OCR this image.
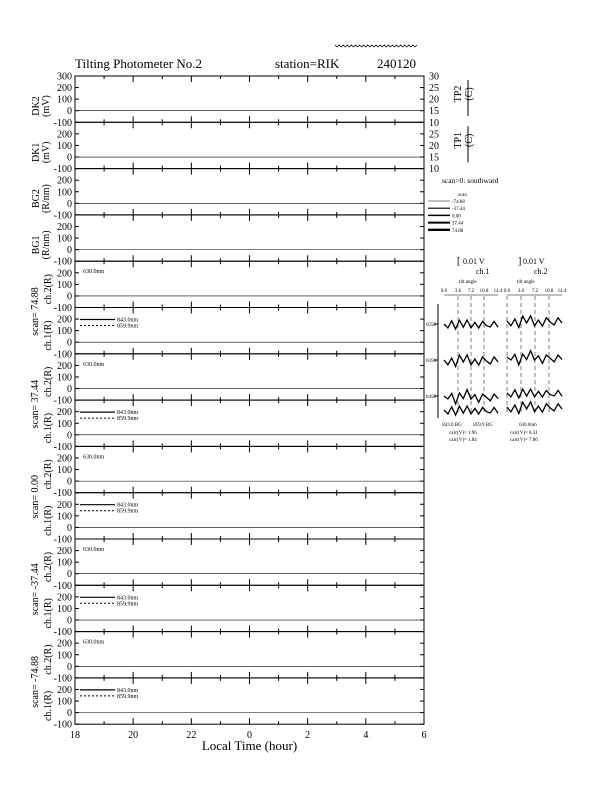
300
200
100
0
-100
DK2 (mV)
30
25
20
15
10
TP2 (C)
200
100
0
-100
DK1 (mV)
25
20
15
10
TP1 (C)
200
100
0
-100
BG2 (R/nm)
200
100
0
-100
BG1 (R/nm)
200
100
0
-100
ch.2(R)
scan= 74.88
630.0nm
200
100
0
-100
ch.1(R)	843.0nm
859.9nm
200
100
0
-100
ch.2(R)
scan= 37.44
630.0nm
200
100
0
-100
ch.1(R)	843.0nm
859.9nm
200
100
0
-100
ch.2(R)
scan= 0.00
630.0nm
200
100
0
-100
ch.1(R)	843.0nm
859.9nm
200
100
0
-100
ch.2(R)
scan= -37.44
630.0nm
200
100
0
-100
ch.1(R)	843.0nm
859.9nm
200
100
0
-100
ch.2(R)
scan= -74.88
630.0nm
200
100
0
-100
ch.1(R)	843.0nm
859.9nm
18	20	22	0	2	4	6
Local Time (hour)
scan>0: southward
scan
-74.88
-37.44
0.00
37.44
74.88
[ 0.01 V	] 0.01 V
ch.1	ch.2
tilt angle	tilt angle
0.0	0.0
3.6	3.6
7.2	7.2
10.8	10.8
14.4	14.4
0256
0356
0456
843.0 BG 859.9 BG	630.0nm
calc(V)= 1.96
calc(V)= 1.84
calc(V)= 8.31
calc(V)= 7.86
Tilting Photometer No.2	station=RIK	240120
